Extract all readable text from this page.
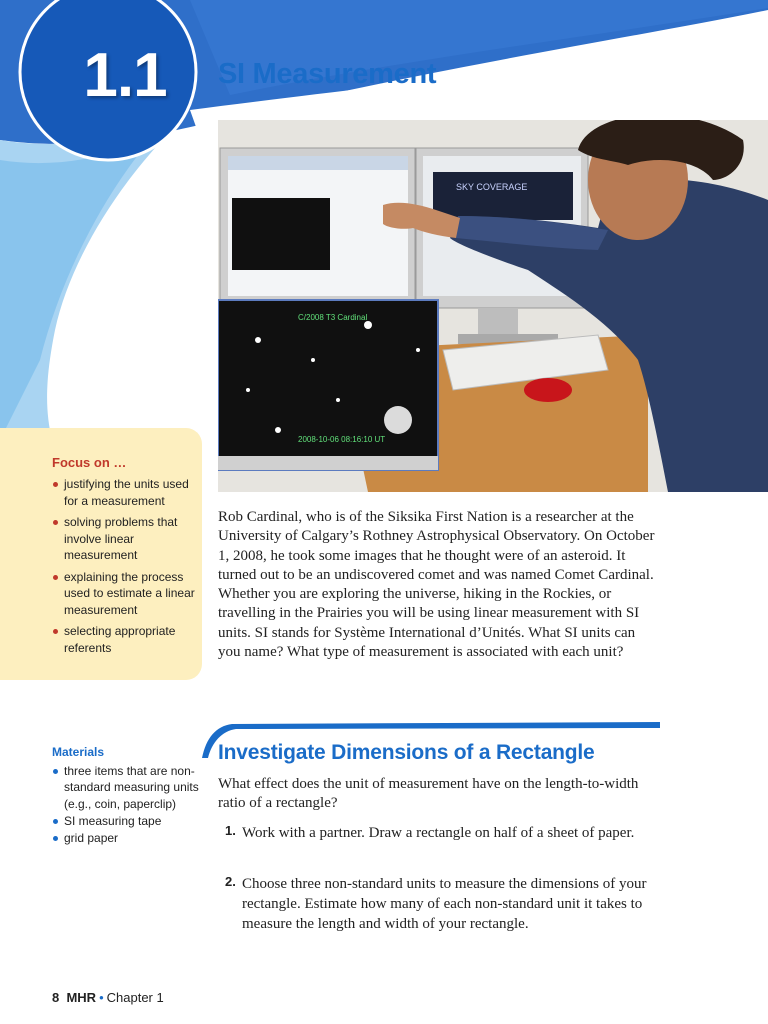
1.1	SI Measurement
SKY COVERAGE
C/2008 T3 Cardinal
2008-10-06 08:16:10 UT
Focus on …
justifying the units used for a measurement
solving problems that involve linear measurement
explaining the process used to estimate a linear measurement
selecting appropriate referents

Rob Cardinal, who is of the Siksika First Nation is a researcher at the University of Calgary’s Rothney Astrophysical Observatory. On October 1, 2008, he took some images that he thought were of an asteroid. It turned out to be an undiscovered comet and was named Comet Cardinal. Whether you are exploring the universe, hiking in the Rockies, or travelling in the Prairies you will be using linear measurement with SI units. SI stands for Système International d’Unités. What SI units can you name? What type of measurement is associated with each unit?

Materials
three items that are non-standard measuring units (e.g., coin, paperclip)
SI measuring tape
grid paper
Investigate Dimensions of a Rectangle

What effect does the unit of measurement have on the length-to-width ratio of a rectangle?

1. Work with a partner. Draw a rectangle on half of a sheet of paper.

2. Choose three non-standard units to measure the dimensions of your rectangle. Estimate how many of each non-standard unit it takes to measure the length and width of your rectangle.

8 MHR • Chapter 1
